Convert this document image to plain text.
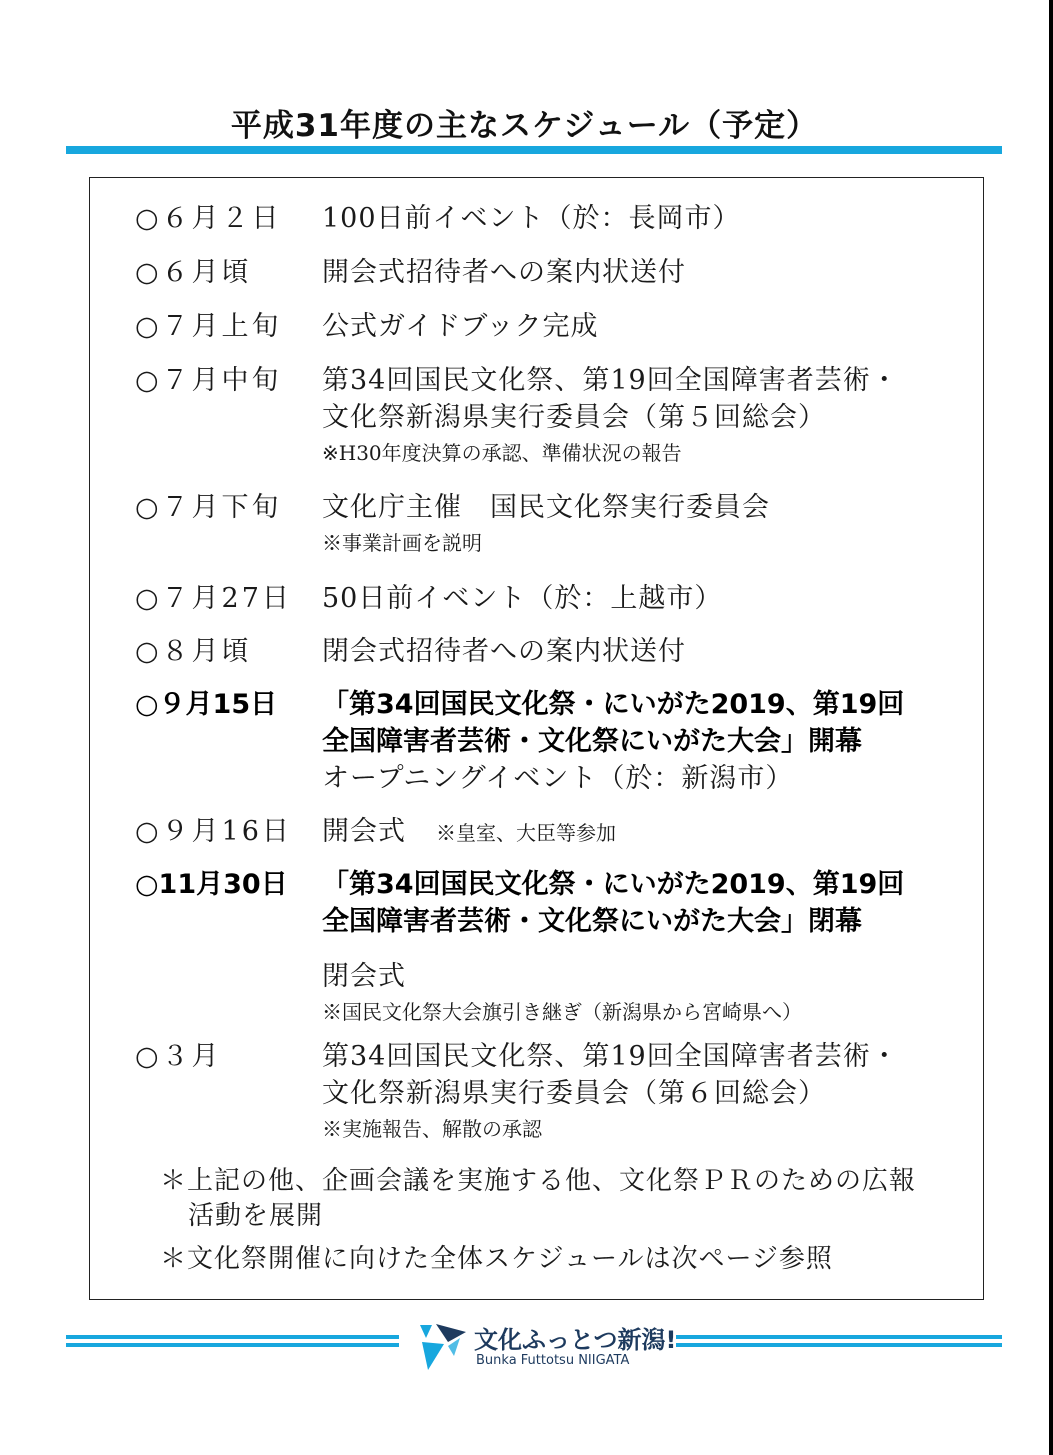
平成31年度の主なスケジュール（予定）
○６月２日 100日前イベント（於：長岡市）
○６月頃	開会式招待者への案内状送付
○７月上旬 公式ガイドブック完成
○７月中旬 第34回国民文化祭、第19回全国障害者芸術・
文化祭新潟県実行委員会（第５回総会）
※H30年度決算の承認、準備状況の報告
○７月下旬 文化庁主催　国民文化祭実行委員会
※事業計画を説明
○７月27日 50日前イベント（於：上越市）
○８月頃	閉会式招待者への案内状送付
○９月15日 「第34回国民文化祭・にいがた2019、第19回
全国障害者芸術・文化祭にいがた大会」開幕
オープニングイベント（於：新潟市）
○９月16日 開会式 ※皇室、大臣等参加
○11月30日 「第34回国民文化祭・にいがた2019、第19回
全国障害者芸術・文化祭にいがた大会」閉幕
閉会式
※国民文化祭大会旗引き継ぎ（新潟県から宮崎県へ）
○３月	第34回国民文化祭、第19回全国障害者芸術・
文化祭新潟県実行委員会（第６回総会）
※実施報告、解散の承認
＊上記の他、企画会議を実施する他、文化祭ＰＲのための広報
活動を展開
＊文化祭開催に向けた全体スケジュールは次ページ参照
文化ふっとつ新潟!
Bunka Futtotsu NIIGATA
